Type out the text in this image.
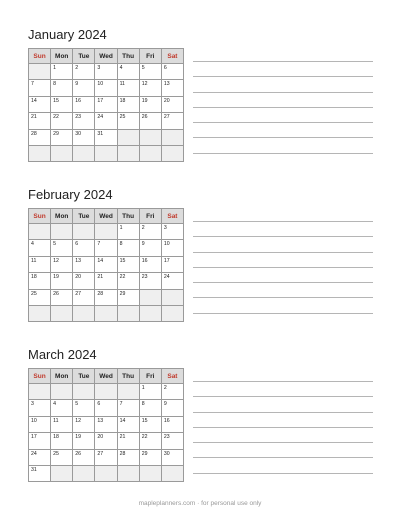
January 2024
Sun	Mon	Tue	Wed	Thu	Fri	Sat
	1	2	3	4	5	6
7	8	9	10	11	12	13
14	15	16	17	18	19	20
21	22	23	24	25	26	27
28	29	30	31			

February 2024
Sun	Mon	Tue	Wed	Thu	Fri	Sat
				1	2	3
4	5	6	7	8	9	10
11	12	13	14	15	16	17
18	19	20	21	22	23	24
25	26	27	28	29		

March 2024
Sun	Mon	Tue	Wed	Thu	Fri	Sat
					1	2
3	4	5	6	7	8	9
10	11	12	13	14	15	16
17	18	19	20	21	22	23
24	25	26	27	28	29	30
31						
mapleplanners.com · for personal use only
